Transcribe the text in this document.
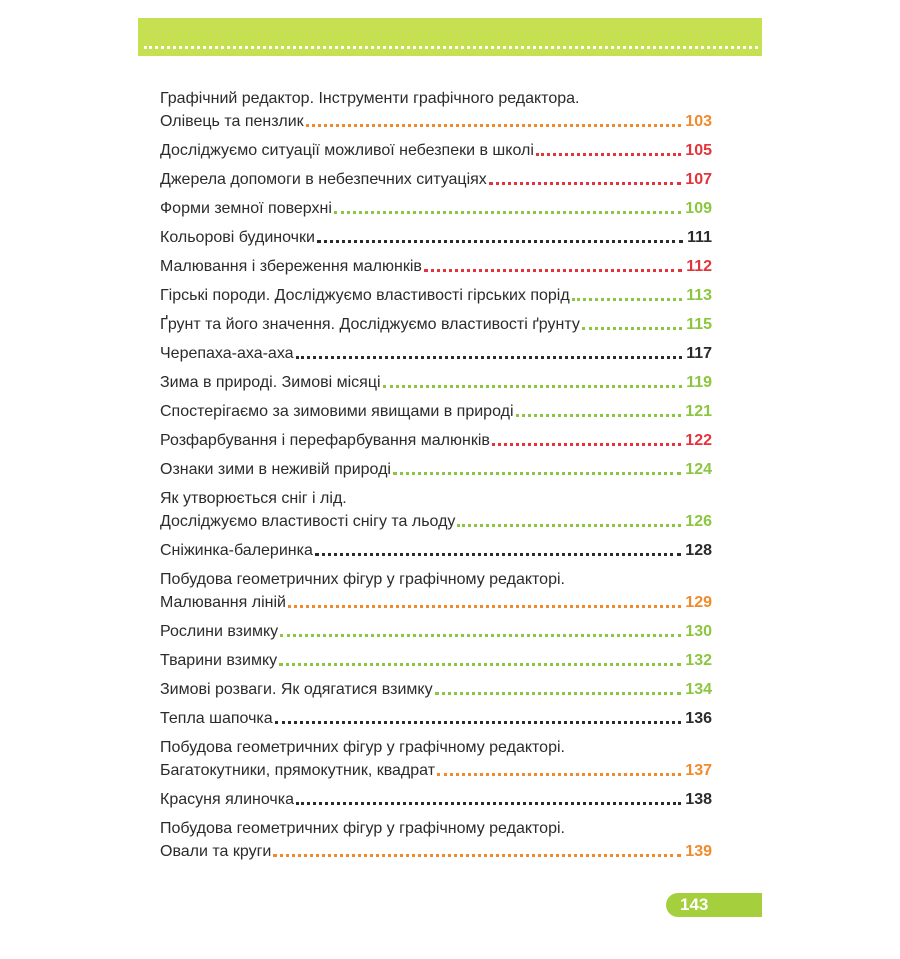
Графічний редактор. Інструменти графічного редактора.
Олівець та пензлик	103
Досліджуємо ситуації можливої небезпеки в школі	105
Джерела допомоги в небезпечних ситуаціях	107
Форми земної поверхні	109
Кольорові будиночки	111
Малювання і збереження малюнків	112
Гірські породи. Досліджуємо властивості гірських порід	113
Ґрунт та його значення. Досліджуємо властивості ґрунту	115
Черепаха-аха-аха	117
Зима в природі. Зимові місяці	119
Спостерігаємо за зимовими явищами в природі	121
Розфарбування і перефарбування малюнків	122
Ознаки зими в неживій природі	124
Як утворюється сніг і лід.
Досліджуємо властивості снігу та льоду	126
Сніжинка-балеринка	128
Побудова геометричних фігур у графічному редакторі.
Малювання ліній	129
Рослини взимку	130
Тварини взимку	132
Зимові розваги. Як одягатися взимку	134
Тепла шапочка	136
Побудова геометричних фігур у графічному редакторі.
Багатокутники, прямокутник, квадрат	137
Красуня ялиночка	138
Побудова геометричних фігур у графічному редакторі.
Овали та круги	139
143
